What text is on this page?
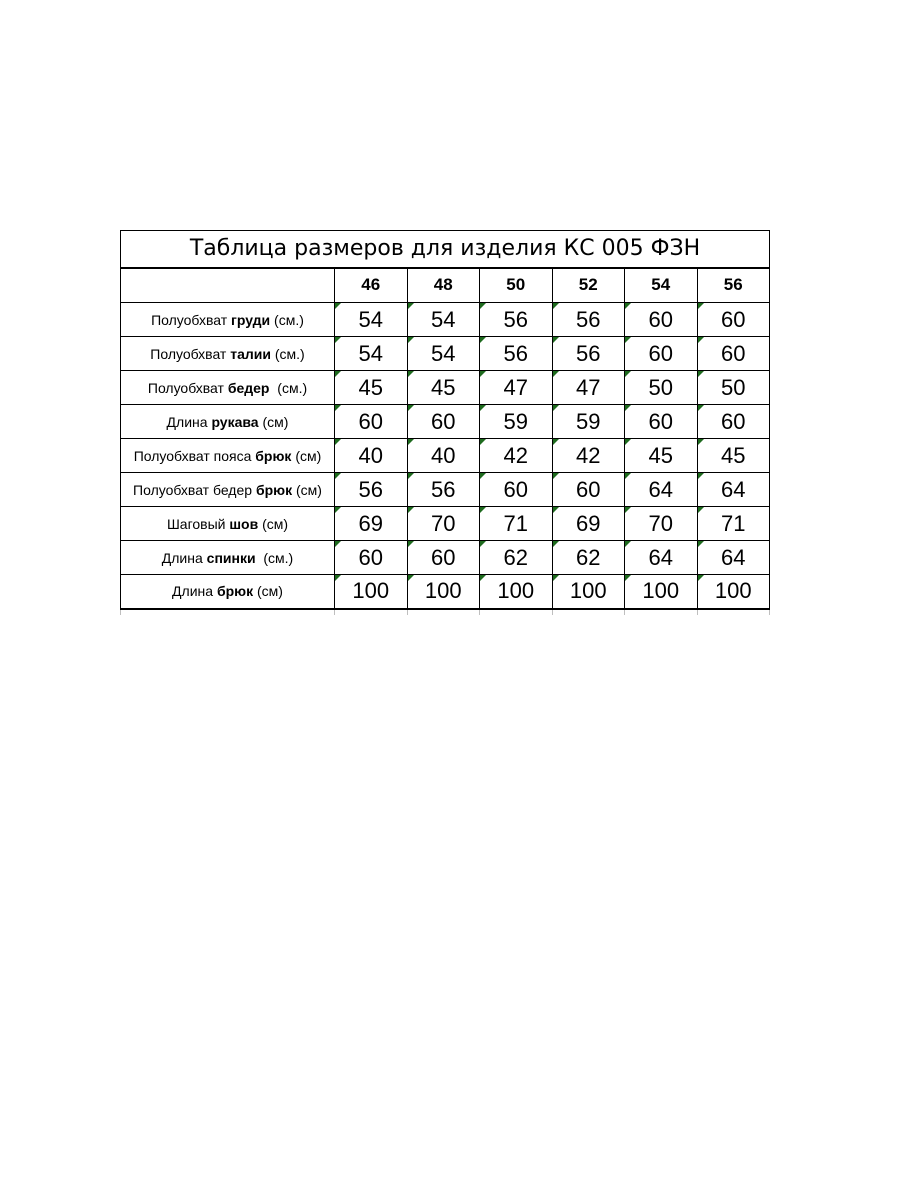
Таблица размеров для изделия КС 005 ФЗН						
	46	48	50	52	54	56
Полуобхват груди (см.)	54	54	56	56	60	60
Полуобхват талии (см.)	54	54	56	56	60	60
Полуобхват бедер  (см.)	45	45	47	47	50	50
Длина рукава (см)	60	60	59	59	60	60
Полуобхват пояса брюк (см)	40	40	42	42	45	45
Полуобхват бедер брюк (см)	56	56	60	60	64	64
Шаговый шов (см)	69	70	71	69	70	71
Длина спинки  (см.)	60	60	62	62	64	64
Длина брюк (см)	100	100	100	100	100	100
